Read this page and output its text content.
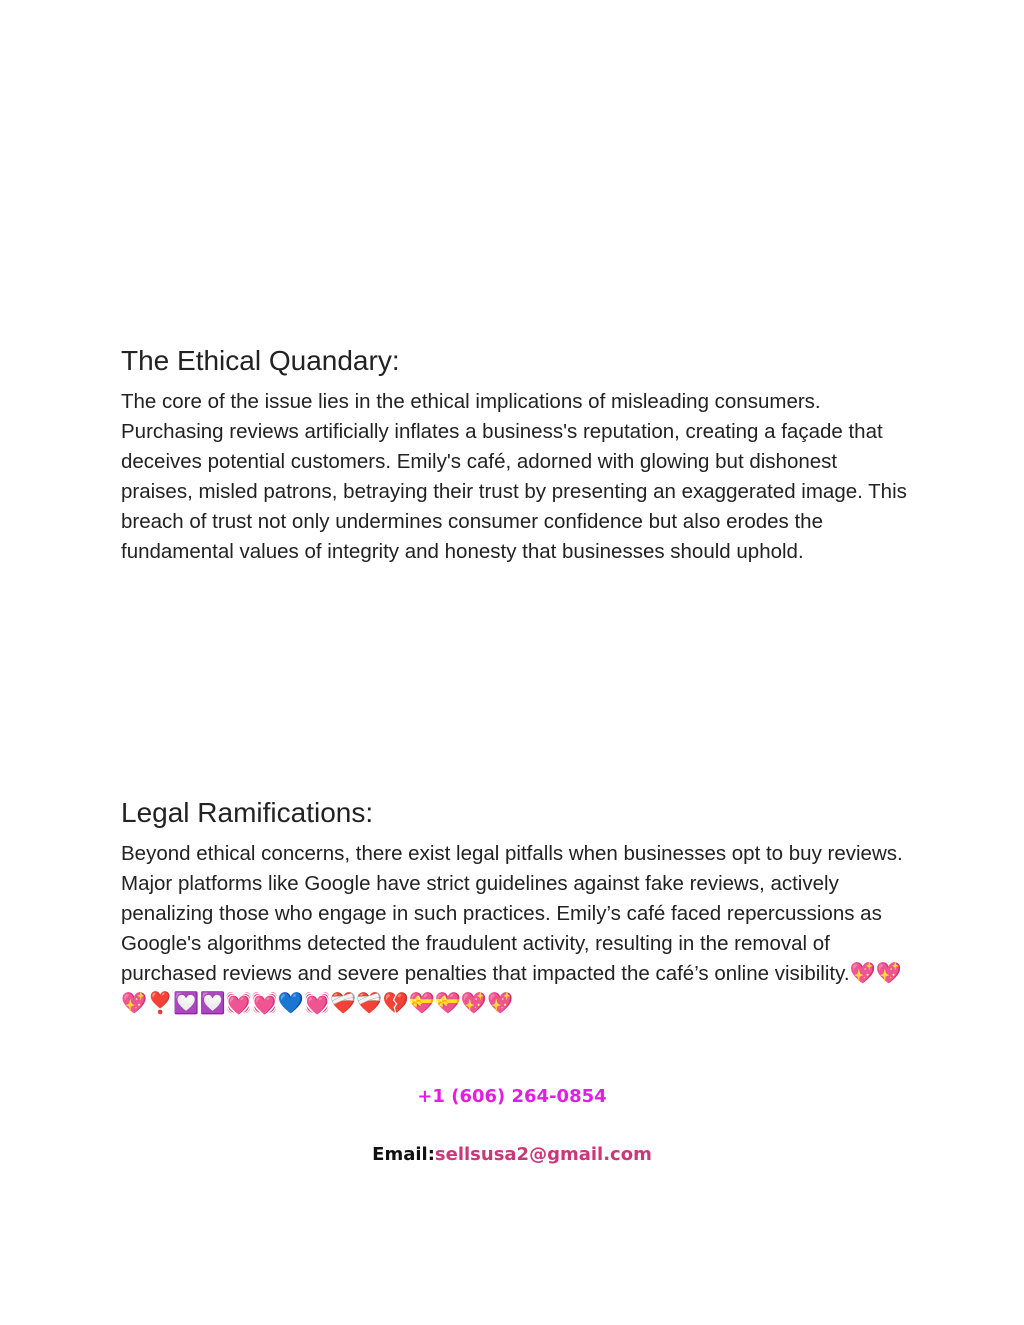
The Ethical Quandary:

The core of the issue lies in the ethical implications of misleading consumers. Purchasing reviews artificially inflates a business's reputation, creating a façade that deceives potential customers. Emily's café, adorned with glowing but dishonest praises, misled patrons, betraying their trust by presenting an exaggerated image. This breach of trust not only undermines consumer confidence but also erodes the fundamental values of integrity and honesty that businesses should uphold.

Legal Ramifications:

Beyond ethical concerns, there exist legal pitfalls when businesses opt to buy reviews. Major platforms like Google have strict guidelines against fake reviews, actively penalizing those who engage in such practices. Emily’s café faced repercussions as Google's algorithms detected the fraudulent activity, resulting in the removal of purchased reviews and severe penalties that impacted the café’s online visibility.💖💖💖❣️💟💟💓💓💙💓❤️‍🩹❤️‍🩹💔💝💝💖💖

+1 (606) 264-0854
Email:sellsusa2@gmail.com
